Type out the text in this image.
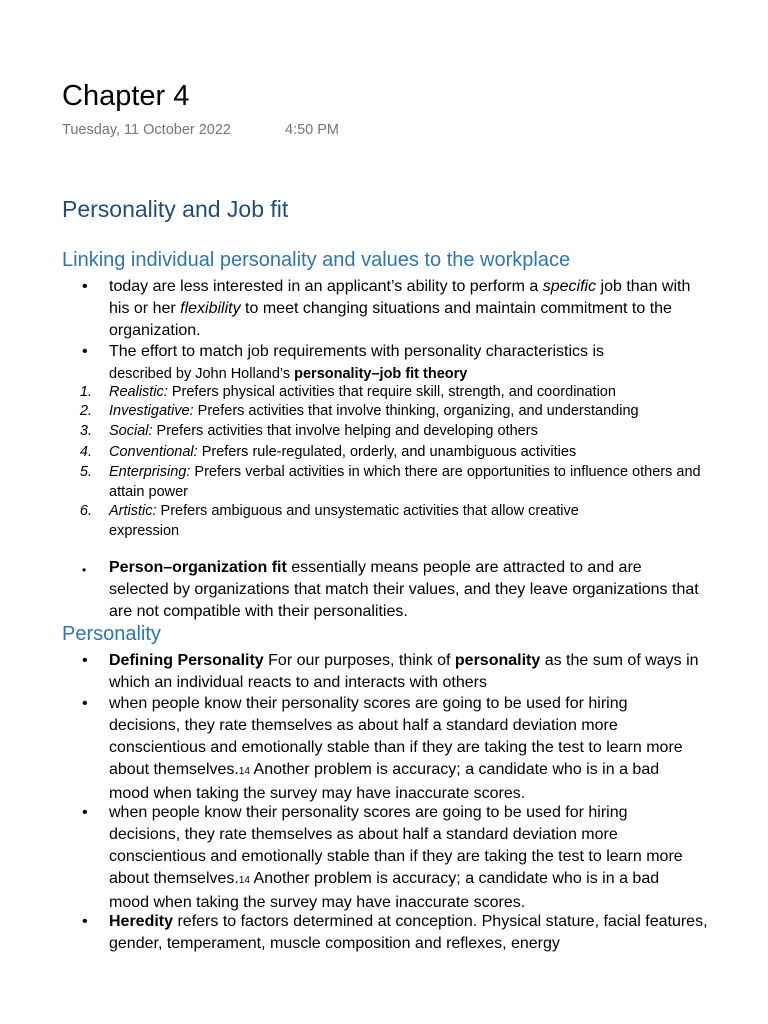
Chapter 4
Tuesday, 11 October 2022	4:50 PM
Personality and Job fit
Linking individual personality and values to the workplace
• today are less interested in an applicant’s ability to perform a specific job than with his or her flexibility to meet changing situations and maintain commitment to the organization.
• The effort to match job requirements with personality characteristics is
described by John Holland’s personality–job fit theory
1. Realistic: Prefers physical activities that require skill, strength, and coordination
2. Investigative: Prefers activities that involve thinking, organizing, and understanding
3. Social: Prefers activities that involve helping and developing others
4. Conventional: Prefers rule-regulated, orderly, and unambiguous activities
5. Enterprising: Prefers verbal activities in which there are opportunities to influence others and attain power
6. Artistic: Prefers ambiguous and unsystematic activities that allow creative expression
• Person–organization fit essentially means people are attracted to and are selected by organizations that match their values, and they leave organizations that are not compatible with their personalities.
Personality
• Defining Personality For our purposes, think of personality as the sum of ways in which an individual reacts to and interacts with others
• when people know their personality scores are going to be used for hiring decisions, they rate themselves as about half a standard deviation more conscientious and emotionally stable than if they are taking the test to learn more about themselves.14 Another problem is accuracy; a candidate who is in a bad mood when taking the survey may have inaccurate scores.
• when people know their personality scores are going to be used for hiring decisions, they rate themselves as about half a standard deviation more conscientious and emotionally stable than if they are taking the test to learn more about themselves.14 Another problem is accuracy; a candidate who is in a bad mood when taking the survey may have inaccurate scores.
• Heredity refers to factors determined at conception. Physical stature, facial features, gender, temperament, muscle composition and reflexes, energy
